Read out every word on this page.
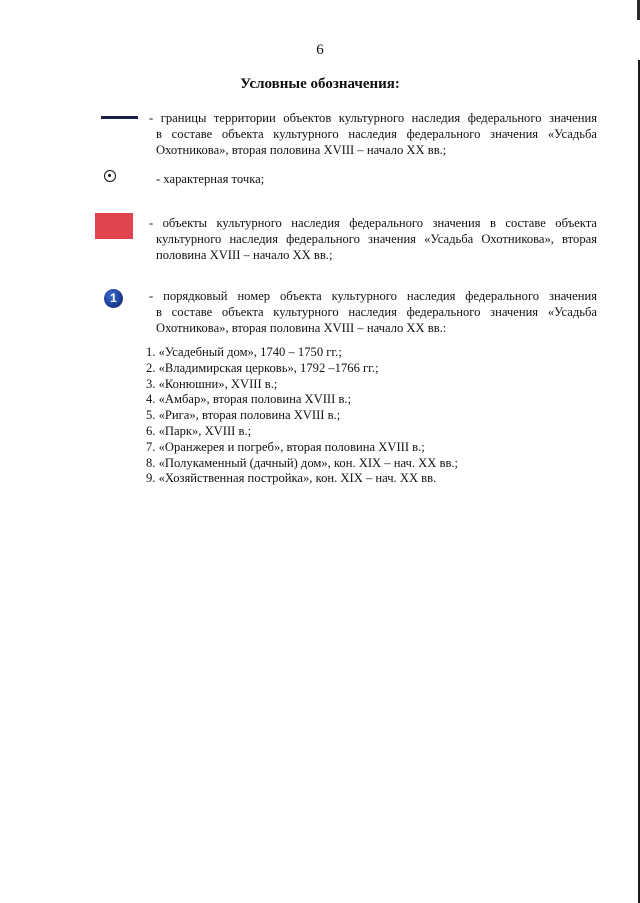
6
Условные обозначения:
- границы территории объектов культурного наследия федерального значения
в составе объекта культурного наследия федерального значения «Усадьба
Охотникова», вторая половина XVIII – начало XX вв.;
- характерная точка;
- объекты культурного наследия федерального значения в составе объекта
культурного наследия федерального значения «Усадьба Охотникова», вторая
половина XVIII – начало XX вв.;
1	- порядковый номер объекта культурного наследия федерального значения
в составе объекта культурного наследия федерального значения «Усадьба
Охотникова», вторая половина XVIII – начало XX вв.:
1. «Усадебный дом», 1740 – 1750 гг.;
2. «Владимирская церковь», 1792 –1766 гг.;
3. «Конюшни», XVIII в.;
4. «Амбар», вторая половина XVIII в.;
5. «Рига», вторая половина XVIII в.;
6. «Парк», XVIII в.;
7. «Оранжерея и погреб», вторая половина XVIII в.;
8. «Полукаменный (дачный) дом», кон. XIX – нач. XX вв.;
9. «Хозяйственная постройка», кон. XIX – нач. XX вв.
